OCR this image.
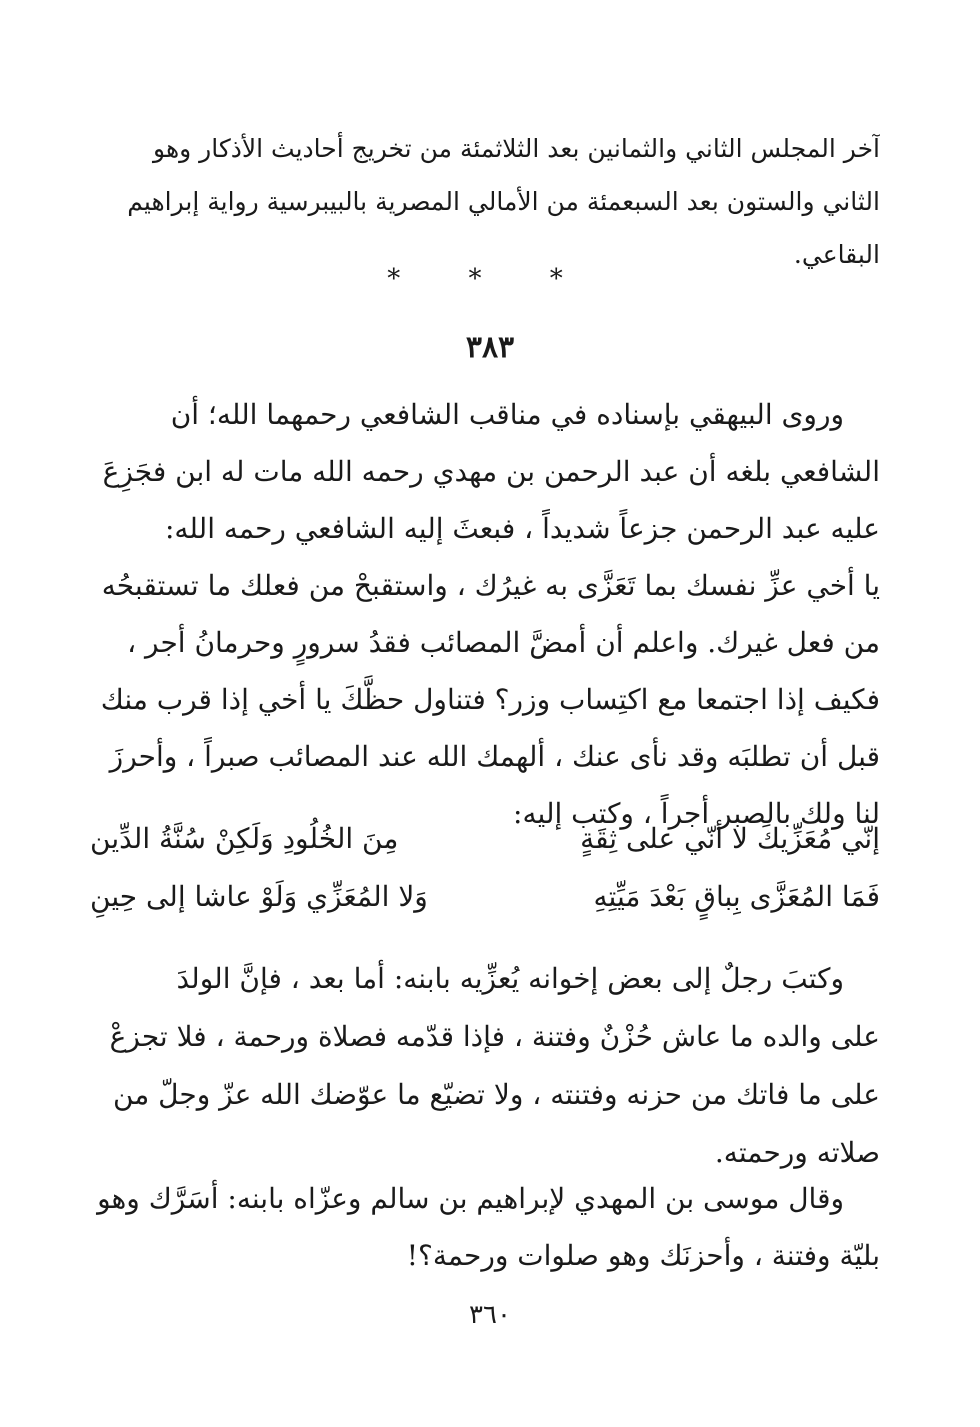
آخر المجلس الثاني والثمانين بعد الثلاثمئة من تخريج أحاديث الأذكار وهو
الثاني والستون بعد السبعمئة من الأمالي المصرية بالبيبرسية رواية إبراهيم
البقاعي.
* * *
٣٨٣
وروى البيهقي بإسناده في مناقب الشافعي رحمهما الله؛ أن
الشافعي بلغه أن عبد الرحمن بن مهدي رحمه الله مات له ابن فجَزِعَ
عليه عبد الرحمن جزعاً شديداً ، فبعثَ إليه الشافعي رحمه الله:
يا أخي عزِّ نفسك بما تَعَزَّى به غيرُك ، واستقبحْ من فعلك ما تستقبحُه
من فعل غيرك. واعلم أن أمضَّ المصائب فقدُ سرورٍ وحرمانُ أجر ،
فكيف إذا اجتمعا مع اكتِساب وزر؟ فتناول حظَّكَ يا أخي إذا قرب منك
قبل أن تطلبَه وقد نأى عنك ، ألهمك الله عند المصائب صبراً ، وأحرزَ
لنا ولك بالصبر أجراً ، وكتب إليه:
إنّي مُعَزِّيكَ لا أنّي على ثِقَةٍ
مِنَ الخُلُودِ وَلَكِنْ سُنَّةُ الدِّين
فَمَا المُعَزَّى بِباقٍ بَعْدَ مَيِّتِهِ
وَلا المُعَزِّي وَلَوْ عاشا إلى حِينِ
وكتبَ رجلٌ إلى بعض إخوانه يُعزِّيه بابنه: أما بعد ، فإنَّ الولدَ
على والده ما عاش حُزْنٌ وفتنة ، فإذا قدّمه فصلاة ورحمة ، فلا تجزعْ
على ما فاتك من حزنه وفتنته ، ولا تضيّع ما عوّضك الله عزّ وجلّ من
صلاته ورحمته.
وقال موسى بن المهدي لإبراهيم بن سالم وعزّاه بابنه: أسَرَّك وهو
بليّة وفتنة ، وأحزنَك وهو صلوات ورحمة؟!
٣٦٠
